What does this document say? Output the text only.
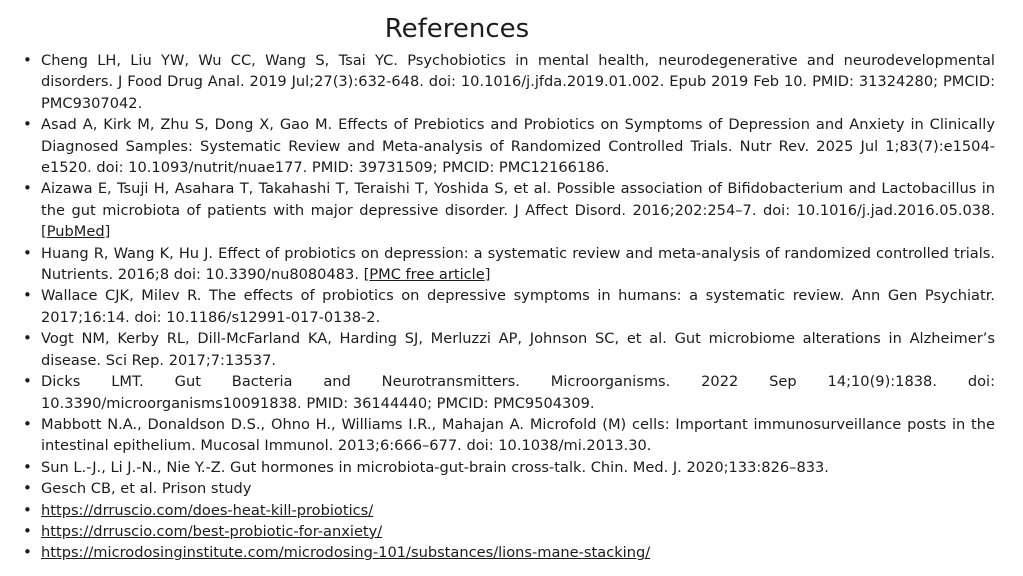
References
• Cheng LH, Liu YW, Wu CC, Wang S, Tsai YC. Psychobiotics in mental health, neurodegenerative and neurodevelopmental disorders. J Food Drug Anal. 2019 Jul;27(3):632-648. doi: 10.1016/j.jfda.2019.01.002. Epub 2019 Feb 10. PMID: 31324280; PMCID: PMC9307042.
• Asad A, Kirk M, Zhu S, Dong X, Gao M. Effects of Prebiotics and Probiotics on Symptoms of Depression and Anxiety in Clinically Diagnosed Samples: Systematic Review and Meta-analysis of Randomized Controlled Trials. Nutr Rev. 2025 Jul 1;83(7):e1504-e1520. doi: 10.1093/nutrit/nuae177. PMID: 39731509; PMCID: PMC12166186.
• Aizawa E, Tsuji H, Asahara T, Takahashi T, Teraishi T, Yoshida S, et al. Possible association of Bifidobacterium and Lactobacillus in the gut microbiota of patients with major depressive disorder. J Affect Disord. 2016;202:254–7. doi: 10.1016/j.jad.2016.05.038. [PubMed]
• Huang R, Wang K, Hu J. Effect of probiotics on depression: a systematic review and meta-analysis of randomized controlled trials. Nutrients. 2016;8 doi: 10.3390/nu8080483. [PMC free article]
• Wallace CJK, Milev R. The effects of probiotics on depressive symptoms in humans: a systematic review. Ann Gen Psychiatr. 2017;16:14. doi: 10.1186/s12991-017-0138-2.
• Vogt NM, Kerby RL, Dill-McFarland KA, Harding SJ, Merluzzi AP, Johnson SC, et al. Gut microbiome alterations in Alzheimer’s disease. Sci Rep. 2017;7:13537.
• Dicks LMT. Gut Bacteria and Neurotransmitters. Microorganisms. 2022 Sep 14;10(9):1838. doi: 10.3390/microorganisms10091838. PMID: 36144440; PMCID: PMC9504309.
• Mabbott N.A., Donaldson D.S., Ohno H., Williams I.R., Mahajan A. Microfold (M) cells: Important immunosurveillance posts in the intestinal epithelium. Mucosal Immunol. 2013;6:666–677. doi: 10.1038/mi.2013.30.
• Sun L.-J., Li J.-N., Nie Y.-Z. Gut hormones in microbiota-gut-brain cross-talk. Chin. Med. J. 2020;133:826–833.
• Gesch CB, et al. Prison study
• https://drruscio.com/does-heat-kill-probiotics/
• https://drruscio.com/best-probiotic-for-anxiety/
• https://microdosinginstitute.com/microdosing-101/substances/lions-mane-stacking/
